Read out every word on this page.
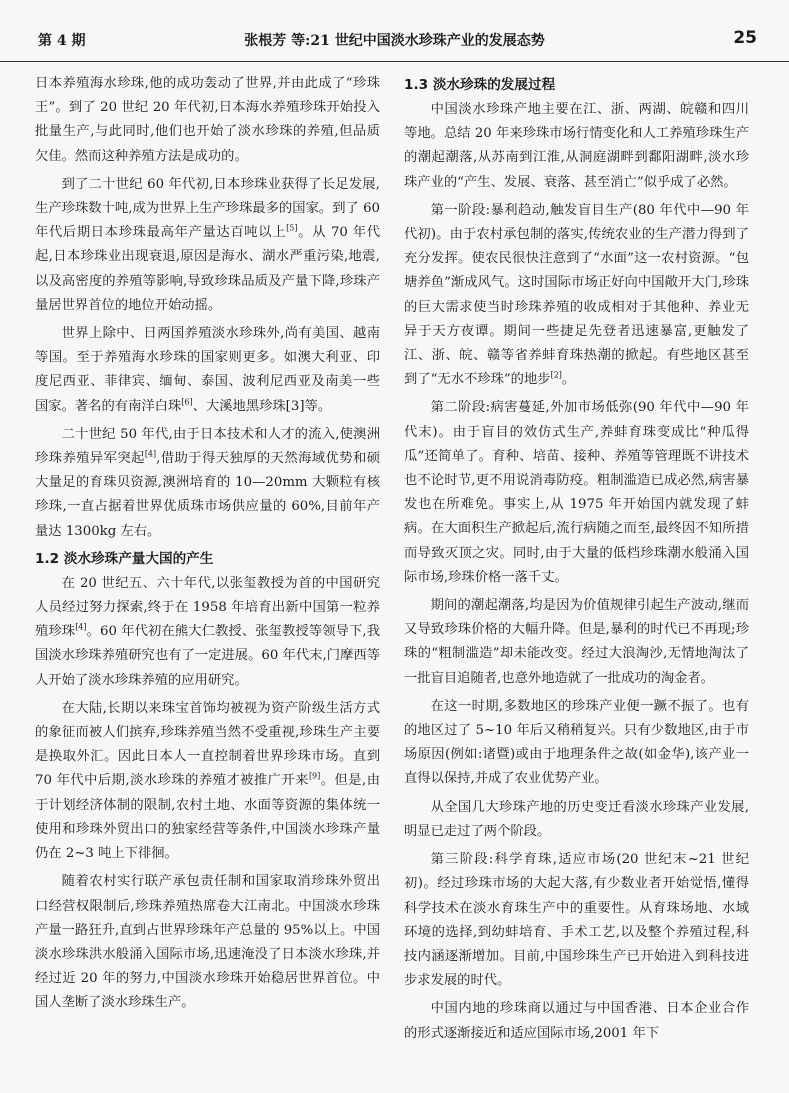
第 4 期	张根芳 等:21 世纪中国淡水珍珠产业的发展态势	25

日本养殖海水珍珠,他的成功轰动了世界,并由此成了“珍珠王”。到了 20 世纪 20 年代初,日本海水养殖珍珠开始投入批量生产,与此同时,他们也开始了淡水珍珠的养殖,但品质欠佳。然而这种养殖方法是成功的。

到了二十世纪 60 年代初,日本珍珠业获得了长足发展,生产珍珠数十吨,成为世界上生产珍珠最多的国家。到了 60 年代后期日本珍珠最高年产量达百吨以上[5]。从 70 年代起,日本珍珠业出现衰退,原因是海水、湖水严重污染,地震,以及高密度的养殖等影响,导致珍珠品质及产量下降,珍珠产量居世界首位的地位开始动摇。

世界上除中、日两国养殖淡水珍珠外,尚有美国、越南等国。至于养殖海水珍珠的国家则更多。如澳大利亚、印度尼西亚、菲律宾、缅甸、泰国、波利尼西亚及南美一些国家。著名的有南洋白珠[6]、大溪地黑珍珠[3]等。

二十世纪 50 年代,由于日本技术和人才的流入,使澳洲珍珠养殖异军突起[4],借助于得天独厚的天然海域优势和硕大量足的育珠贝资源,澳洲培育的 10—20mm 大颗粒有核珍珠,一直占据着世界优质珠市场供应量的 60%,目前年产量达 1300kg 左右。

1.2 淡水珍珠产量大国的产生

在 20 世纪五、六十年代,以张玺教授为首的中国研究人员经过努力探索,终于在 1958 年培育出新中国第一粒养殖珍珠[4]。60 年代初在熊大仁教授、张玺教授等领导下,我国淡水珍珠养殖研究也有了一定进展。60 年代末,门摩西等人开始了淡水珍珠养殖的应用研究。

在大陆,长期以来珠宝首饰均被视为资产阶级生活方式的象征而被人们摈弃,珍珠养殖当然不受重视,珍珠生产主要是换取外汇。因此日本人一直控制着世界珍珠市场。直到 70 年代中后期,淡水珍珠的养殖才被推广开来[9]。但是,由于计划经济体制的限制,农村土地、水面等资源的集体统一使用和珍珠外贸出口的独家经营等条件,中国淡水珍珠产量仍在 2~3 吨上下徘徊。

随着农村实行联产承包责任制和国家取消珍珠外贸出口经营权限制后,珍珠养殖热席卷大江南北。中国淡水珍珠产量一路狂升,直到占世界珍珠年产总量的 95%以上。中国淡水珍珠洪水般涌入国际市场,迅速淹没了日本淡水珍珠,并经过近 20 年的努力,中国淡水珍珠开始稳居世界首位。中国人垄断了淡水珍珠生产。

1.3 淡水珍珠的发展过程

中国淡水珍珠产地主要在江、浙、两湖、皖赣和四川等地。总结 20 年来珍珠市场行情变化和人工养殖珍珠生产的潮起潮落,从苏南到江淮,从洞庭湖畔到鄱阳湖畔,淡水珍珠产业的“产生、发展、衰落、甚至消亡”似乎成了必然。

第一阶段:暴利趋动,触发盲目生产(80 年代中—90 年代初)。由于农村承包制的落实,传统农业的生产潜力得到了充分发挥。使农民很快注意到了“水面”这一农村资源。“包塘养鱼”渐成风气。这时国际市场正好向中国敞开大门,珍珠的巨大需求使当时珍珠养殖的收成相对于其他种、养业无异于天方夜谭。期间一些捷足先登者迅速暴富,更触发了江、浙、皖、赣等省养蚌育珠热潮的掀起。有些地区甚至到了“无水不珍珠”的地步[2]。

第二阶段:病害蔓延,外加市场低弥(90 年代中—90 年代末)。由于盲目的效仿式生产,养蚌育珠变成比“种瓜得瓜”还简单了。育种、培苗、接种、养殖等管理既不讲技术也不论时节,更不用说消毒防疫。粗制滥造已成必然,病害暴发也在所难免。事实上,从 1975 年开始国内就发现了蚌病。在大面积生产掀起后,流行病随之而至,最终因不知所措而导致灭顶之灾。同时,由于大量的低档珍珠潮水般涌入国际市场,珍珠价格一落千丈。

期间的潮起潮落,均是因为价值规律引起生产波动,继而又导致珍珠价格的大幅升降。但是,暴利的时代已不再现;珍珠的“粗制滥造”却未能改变。经过大浪淘沙,无情地淘汰了一批盲目追随者,也意外地造就了一批成功的淘金者。

在这一时期,多数地区的珍珠产业便一蹶不振了。也有的地区过了 5~10 年后又稍稍复兴。只有少数地区,由于市场原因(例如:诸暨)或由于地理条件之故(如金华),该产业一直得以保持,并成了农业优势产业。

从全国几大珍珠产地的历史变迁看淡水珍珠产业发展,明显已走过了两个阶段。

第三阶段:科学育珠,适应市场(20 世纪末~21 世纪初)。经过珍珠市场的大起大落,有少数业者开始觉悟,懂得科学技术在淡水育珠生产中的重要性。从育珠场地、水域环境的选择,到幼蚌培育、手术工艺,以及整个养殖过程,科技内涵逐渐增加。目前,中国珍珠生产已开始进入到科技进步求发展的时代。

中国内地的珍珠商以通过与中国香港、日本企业合作的形式逐渐接近和适应国际市场,2001 年下
